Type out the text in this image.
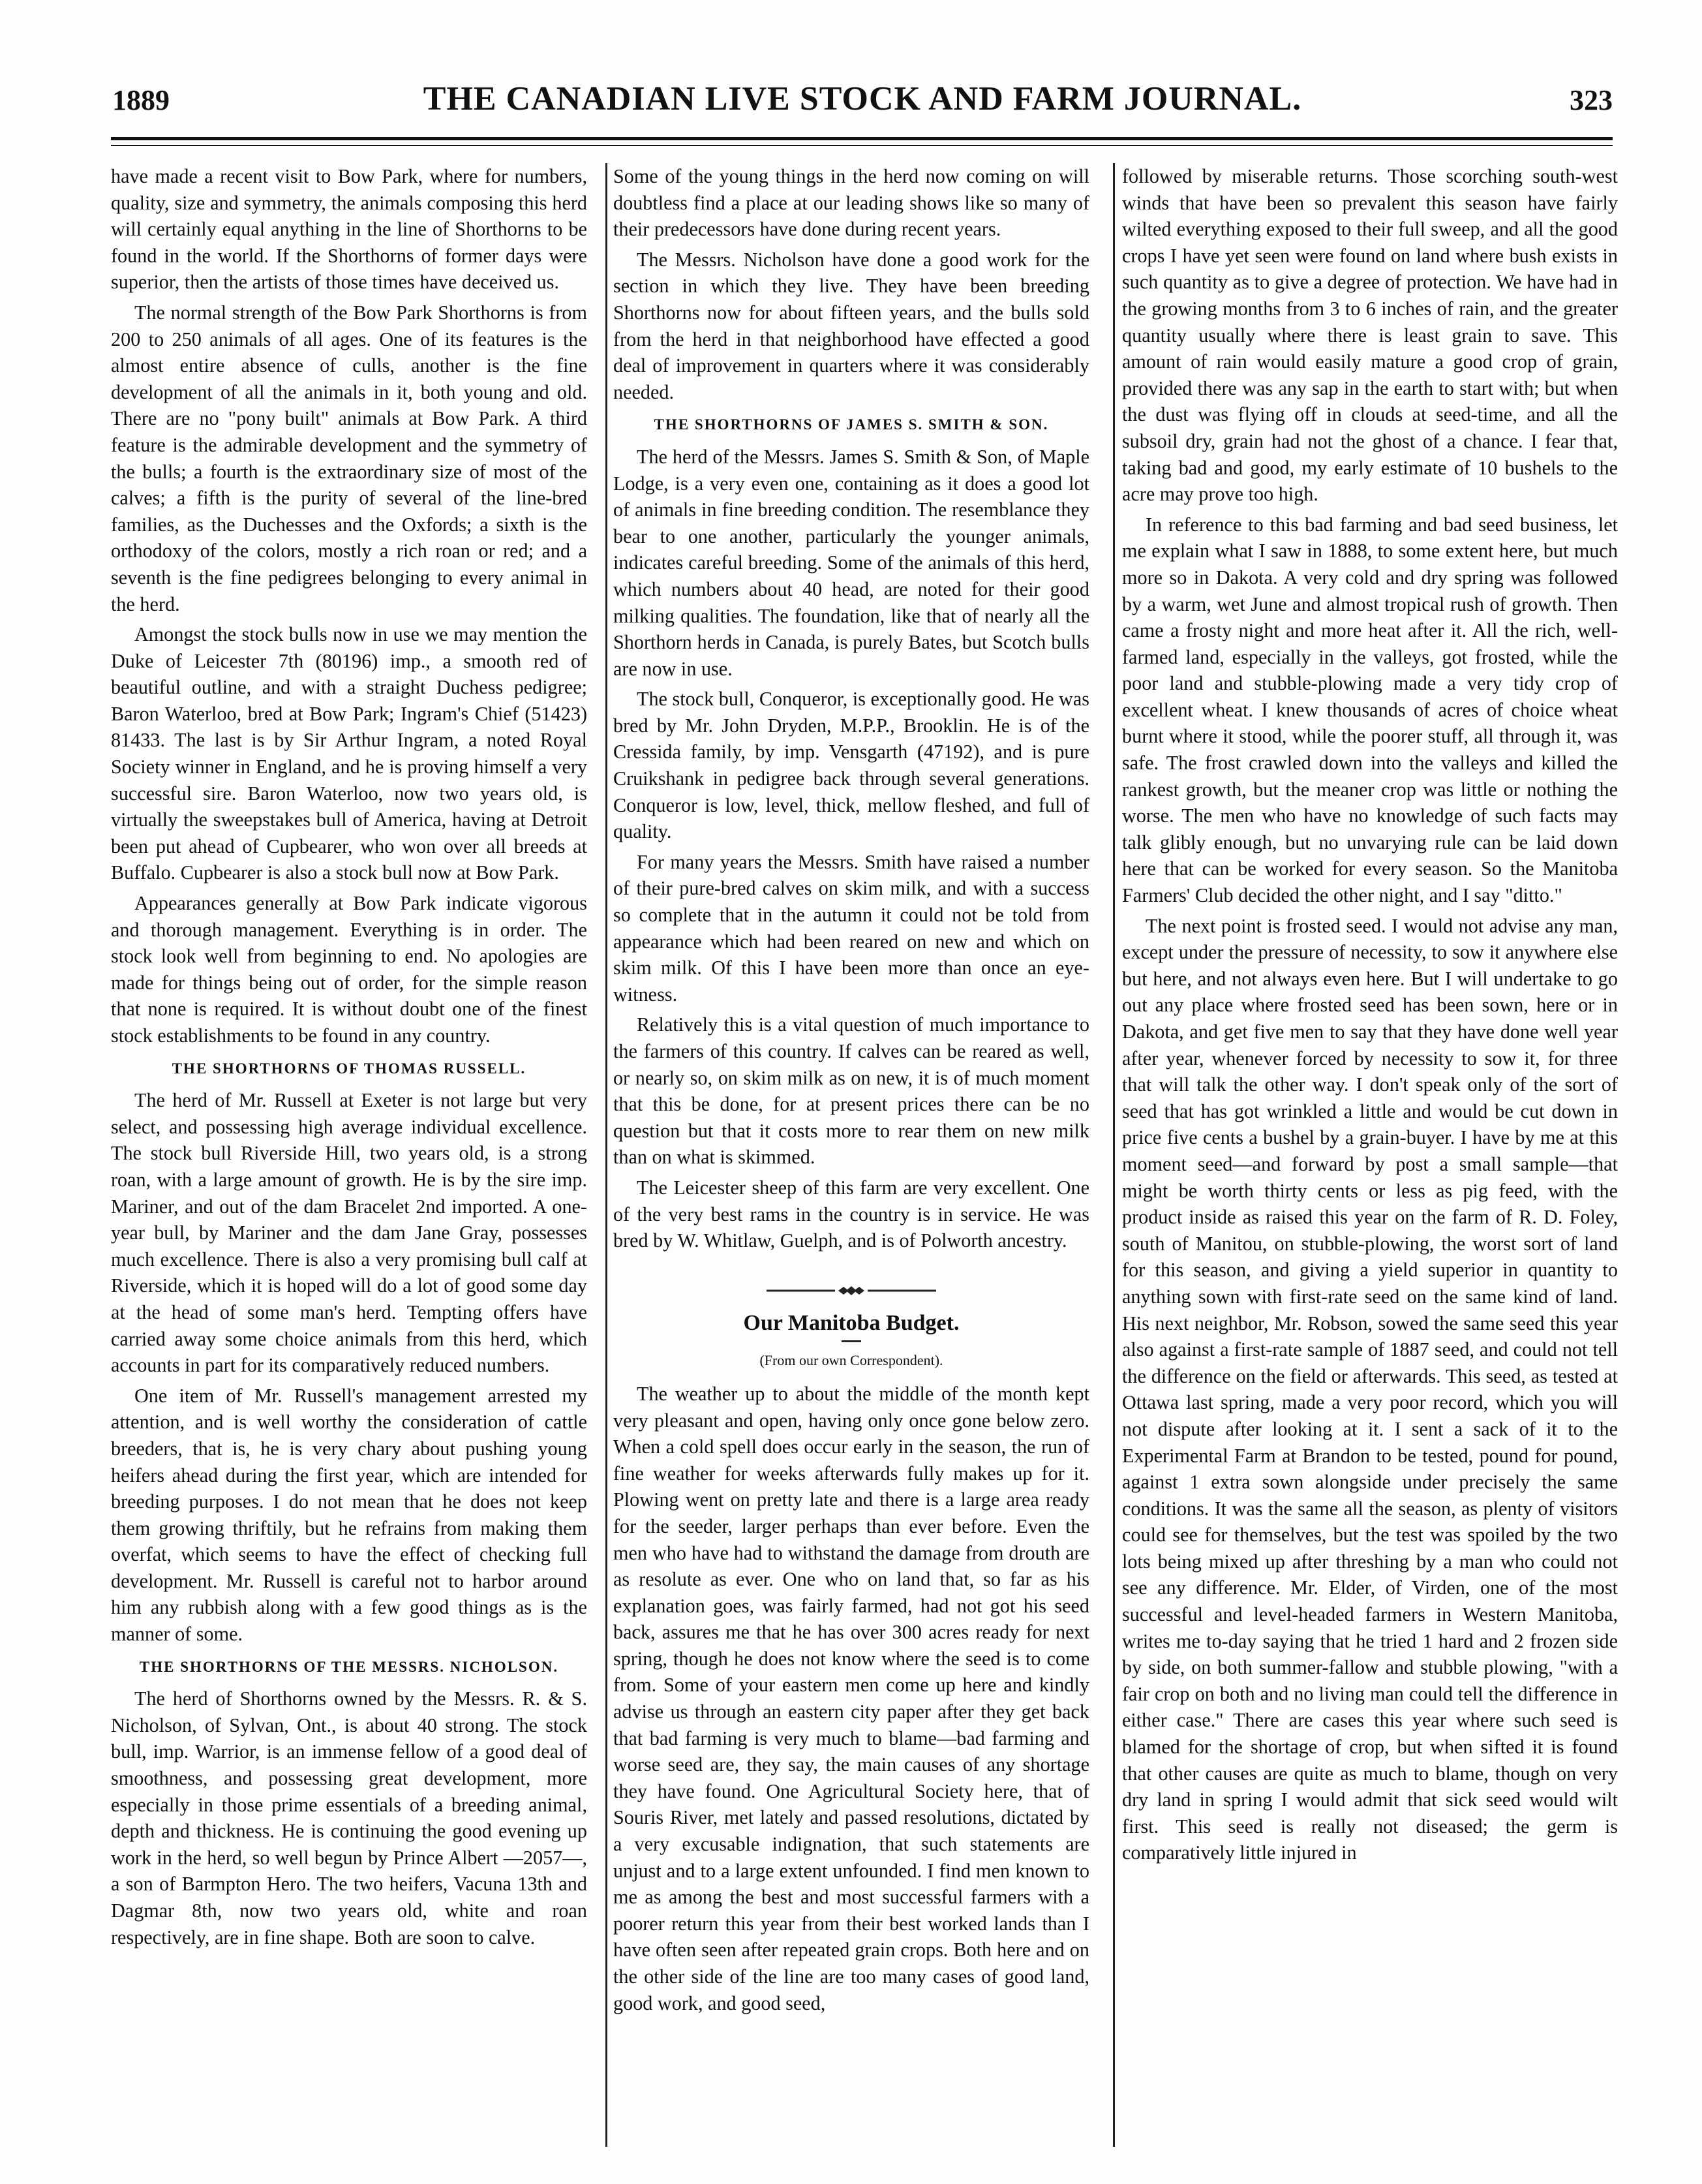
1889	THE CANADIAN LIVE STOCK AND FARM JOURNAL.	323

have made a recent visit to Bow Park, where for numbers, quality, size and symmetry, the animals composing this herd will certainly equal anything in the line of Shorthorns to be found in the world. If the Shorthorns of former days were superior, then the artists of those times have deceived us.

The normal strength of the Bow Park Shorthorns is from 200 to 250 animals of all ages. One of its features is the almost entire absence of culls, another is the fine development of all the animals in it, both young and old. There are no "pony built" animals at Bow Park. A third feature is the admirable development and the symmetry of the bulls; a fourth is the extraordinary size of most of the calves; a fifth is the purity of several of the line-bred families, as the Duchesses and the Oxfords; a sixth is the orthodoxy of the colors, mostly a rich roan or red; and a seventh is the fine pedigrees belonging to every animal in the herd.

Amongst the stock bulls now in use we may mention the Duke of Leicester 7th (80196) imp., a smooth red of beautiful outline, and with a straight Duchess pedigree; Baron Waterloo, bred at Bow Park; Ingram's Chief (51423) 81433. The last is by Sir Arthur Ingram, a noted Royal Society winner in England, and he is proving himself a very successful sire. Baron Waterloo, now two years old, is virtually the sweepstakes bull of America, having at Detroit been put ahead of Cupbearer, who won over all breeds at Buffalo. Cupbearer is also a stock bull now at Bow Park.

Appearances generally at Bow Park indicate vigorous and thorough management. Everything is in order. The stock look well from beginning to end. No apologies are made for things being out of order, for the simple reason that none is required. It is without doubt one of the finest stock establishments to be found in any country.

THE SHORTHORNS OF THOMAS RUSSELL.

The herd of Mr. Russell at Exeter is not large but very select, and possessing high average individual excellence. The stock bull Riverside Hill, two years old, is a strong roan, with a large amount of growth. He is by the sire imp. Mariner, and out of the dam Bracelet 2nd imported. A one-year bull, by Mariner and the dam Jane Gray, possesses much excellence. There is also a very promising bull calf at Riverside, which it is hoped will do a lot of good some day at the head of some man's herd. Tempting offers have carried away some choice animals from this herd, which accounts in part for its comparatively reduced numbers.

One item of Mr. Russell's management arrested my attention, and is well worthy the consideration of cattle breeders, that is, he is very chary about pushing young heifers ahead during the first year, which are intended for breeding purposes. I do not mean that he does not keep them growing thriftily, but he refrains from making them overfat, which seems to have the effect of checking full development. Mr. Russell is careful not to harbor around him any rubbish along with a few good things as is the manner of some.

THE SHORTHORNS OF THE MESSRS. NICHOLSON.

The herd of Shorthorns owned by the Messrs. R. & S. Nicholson, of Sylvan, Ont., is about 40 strong. The stock bull, imp. Warrior, is an immense fellow of a good deal of smoothness, and possessing great development, more especially in those prime essentials of a breeding animal, depth and thickness. He is continuing the good evening up work in the herd, so well begun by Prince Albert —2057—, a son of Barmpton Hero. The two heifers, Vacuna 13th and Dagmar 8th, now two years old, white and roan respectively, are in fine shape. Both are soon to calve.

Some of the young things in the herd now coming on will doubtless find a place at our leading shows like so many of their predecessors have done during recent years.

The Messrs. Nicholson have done a good work for the section in which they live. They have been breeding Shorthorns now for about fifteen years, and the bulls sold from the herd in that neighborhood have effected a good deal of improvement in quarters where it was considerably needed.

THE SHORTHORNS OF JAMES S. SMITH & SON.

The herd of the Messrs. James S. Smith & Son, of Maple Lodge, is a very even one, containing as it does a good lot of animals in fine breeding condition. The resemblance they bear to one another, particularly the younger animals, indicates careful breeding. Some of the animals of this herd, which numbers about 40 head, are noted for their good milking qualities. The foundation, like that of nearly all the Shorthorn herds in Canada, is purely Bates, but Scotch bulls are now in use.

The stock bull, Conqueror, is exceptionally good. He was bred by Mr. John Dryden, M.P.P., Brooklin. He is of the Cressida family, by imp. Vensgarth (47192), and is pure Cruikshank in pedigree back through several generations. Conqueror is low, level, thick, mellow fleshed, and full of quality.

For many years the Messrs. Smith have raised a number of their pure-bred calves on skim milk, and with a success so complete that in the autumn it could not be told from appearance which had been reared on new and which on skim milk. Of this I have been more than once an eye-witness.

Relatively this is a vital question of much importance to the farmers of this country. If calves can be reared as well, or nearly so, on skim milk as on new, it is of much moment that this be done, for at present prices there can be no question but that it costs more to rear them on new milk than on what is skimmed.

The Leicester sheep of this farm are very excellent. One of the very best rams in the country is in service. He was bred by W. Whitlaw, Guelph, and is of Polworth ancestry.

Our Manitoba Budget.
(From our own Correspondent).

The weather up to about the middle of the month kept very pleasant and open, having only once gone below zero. When a cold spell does occur early in the season, the run of fine weather for weeks afterwards fully makes up for it. Plowing went on pretty late and there is a large area ready for the seeder, larger perhaps than ever before. Even the men who have had to withstand the damage from drouth are as resolute as ever. One who on land that, so far as his explanation goes, was fairly farmed, had not got his seed back, assures me that he has over 300 acres ready for next spring, though he does not know where the seed is to come from. Some of your eastern men come up here and kindly advise us through an eastern city paper after they get back that bad farming is very much to blame—bad farming and worse seed are, they say, the main causes of any shortage they have found. One Agricultural Society here, that of Souris River, met lately and passed resolutions, dictated by a very excusable indignation, that such statements are unjust and to a large extent unfounded. I find men known to me as among the best and most successful farmers with a poorer return this year from their best worked lands than I have often seen after repeated grain crops. Both here and on the other side of the line are too many cases of good land, good work, and good seed,

followed by miserable returns. Those scorching south-west winds that have been so prevalent this season have fairly wilted everything exposed to their full sweep, and all the good crops I have yet seen were found on land where bush exists in such quantity as to give a degree of protection. We have had in the growing months from 3 to 6 inches of rain, and the greater quantity usually where there is least grain to save. This amount of rain would easily mature a good crop of grain, provided there was any sap in the earth to start with; but when the dust was flying off in clouds at seed-time, and all the subsoil dry, grain had not the ghost of a chance. I fear that, taking bad and good, my early estimate of 10 bushels to the acre may prove too high.

In reference to this bad farming and bad seed business, let me explain what I saw in 1888, to some extent here, but much more so in Dakota. A very cold and dry spring was followed by a warm, wet June and almost tropical rush of growth. Then came a frosty night and more heat after it. All the rich, well-farmed land, especially in the valleys, got frosted, while the poor land and stubble-plowing made a very tidy crop of excellent wheat. I knew thousands of acres of choice wheat burnt where it stood, while the poorer stuff, all through it, was safe. The frost crawled down into the valleys and killed the rankest growth, but the meaner crop was little or nothing the worse. The men who have no knowledge of such facts may talk glibly enough, but no unvarying rule can be laid down here that can be worked for every season. So the Manitoba Farmers' Club decided the other night, and I say "ditto."

The next point is frosted seed. I would not advise any man, except under the pressure of necessity, to sow it anywhere else but here, and not always even here. But I will undertake to go out any place where frosted seed has been sown, here or in Dakota, and get five men to say that they have done well year after year, whenever forced by necessity to sow it, for three that will talk the other way. I don't speak only of the sort of seed that has got wrinkled a little and would be cut down in price five cents a bushel by a grain-buyer. I have by me at this moment seed—and forward by post a small sample—that might be worth thirty cents or less as pig feed, with the product inside as raised this year on the farm of R. D. Foley, south of Manitou, on stubble-plowing, the worst sort of land for this season, and giving a yield superior in quantity to anything sown with first-rate seed on the same kind of land. His next neighbor, Mr. Robson, sowed the same seed this year also against a first-rate sample of 1887 seed, and could not tell the difference on the field or afterwards. This seed, as tested at Ottawa last spring, made a very poor record, which you will not dispute after looking at it. I sent a sack of it to the Experimental Farm at Brandon to be tested, pound for pound, against 1 extra sown alongside under precisely the same conditions. It was the same all the season, as plenty of visitors could see for themselves, but the test was spoiled by the two lots being mixed up after threshing by a man who could not see any difference. Mr. Elder, of Virden, one of the most successful and level-headed farmers in Western Manitoba, writes me to-day saying that he tried 1 hard and 2 frozen side by side, on both summer-fallow and stubble plowing, "with a fair crop on both and no living man could tell the difference in either case." There are cases this year where such seed is blamed for the shortage of crop, but when sifted it is found that other causes are quite as much to blame, though on very dry land in spring I would admit that sick seed would wilt first. This seed is really not diseased; the germ is comparatively little injured in
